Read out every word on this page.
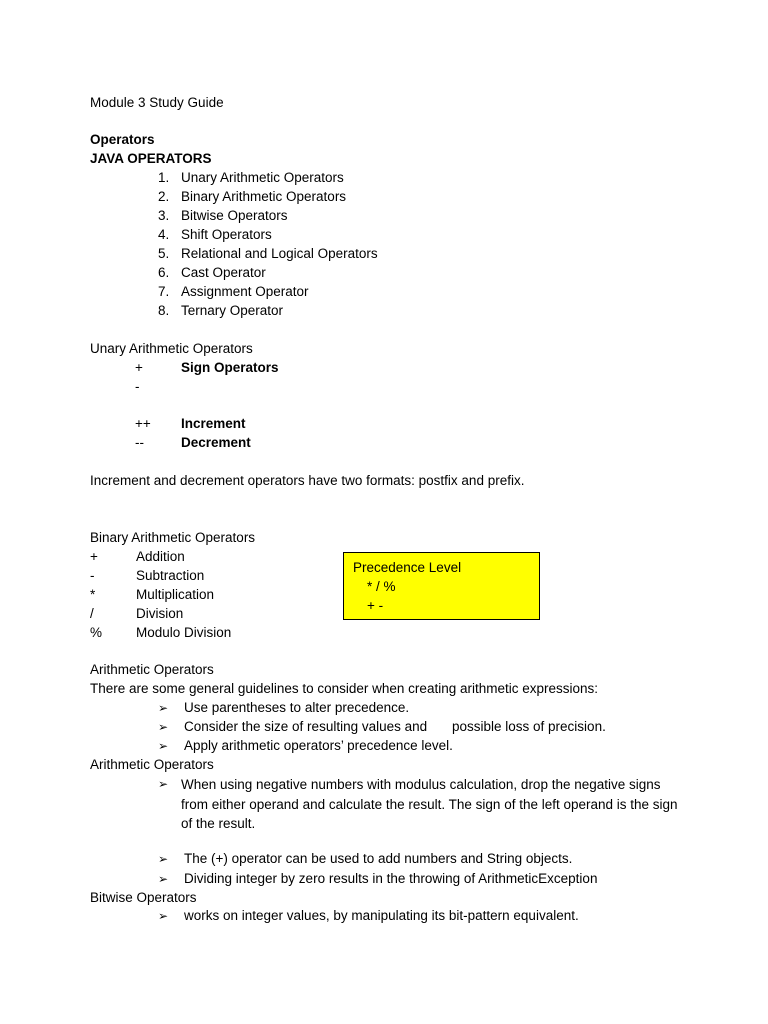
Module 3 Study Guide
Operators
JAVA OPERATORS
1. Unary Arithmetic Operators
2. Binary Arithmetic Operators
3. Bitwise Operators
4. Shift Operators
5. Relational and Logical Operators
6. Cast Operator
7. Assignment Operator
8. Ternary Operator
Unary Arithmetic Operators
+	Sign Operators
-
++ Increment
--	Decrement
Increment and decrement operators have two formats: postfix and prefix.
Binary Arithmetic Operators
+	Addition
-	Subtraction
*	Multiplication
/	Division
%	Modulo Division
Precedence Level
* / %
+ -
Arithmetic Operators
There are some general guidelines to consider when creating arithmetic expressions:
➢ Use parentheses to alter precedence.
➢ Consider the size of resulting values and possible loss of precision.
➢ Apply arithmetic operators’ precedence level.
Arithmetic Operators
➢ When using negative numbers with modulus calculation, drop the negative signs from either operand and calculate the result. The sign of the left operand is the sign of the result.
➢ The (+) operator can be used to add numbers and String objects.
➢ Dividing integer by zero results in the throwing of ArithmeticException
Bitwise Operators
➢ works on integer values, by manipulating its bit-pattern equivalent.
